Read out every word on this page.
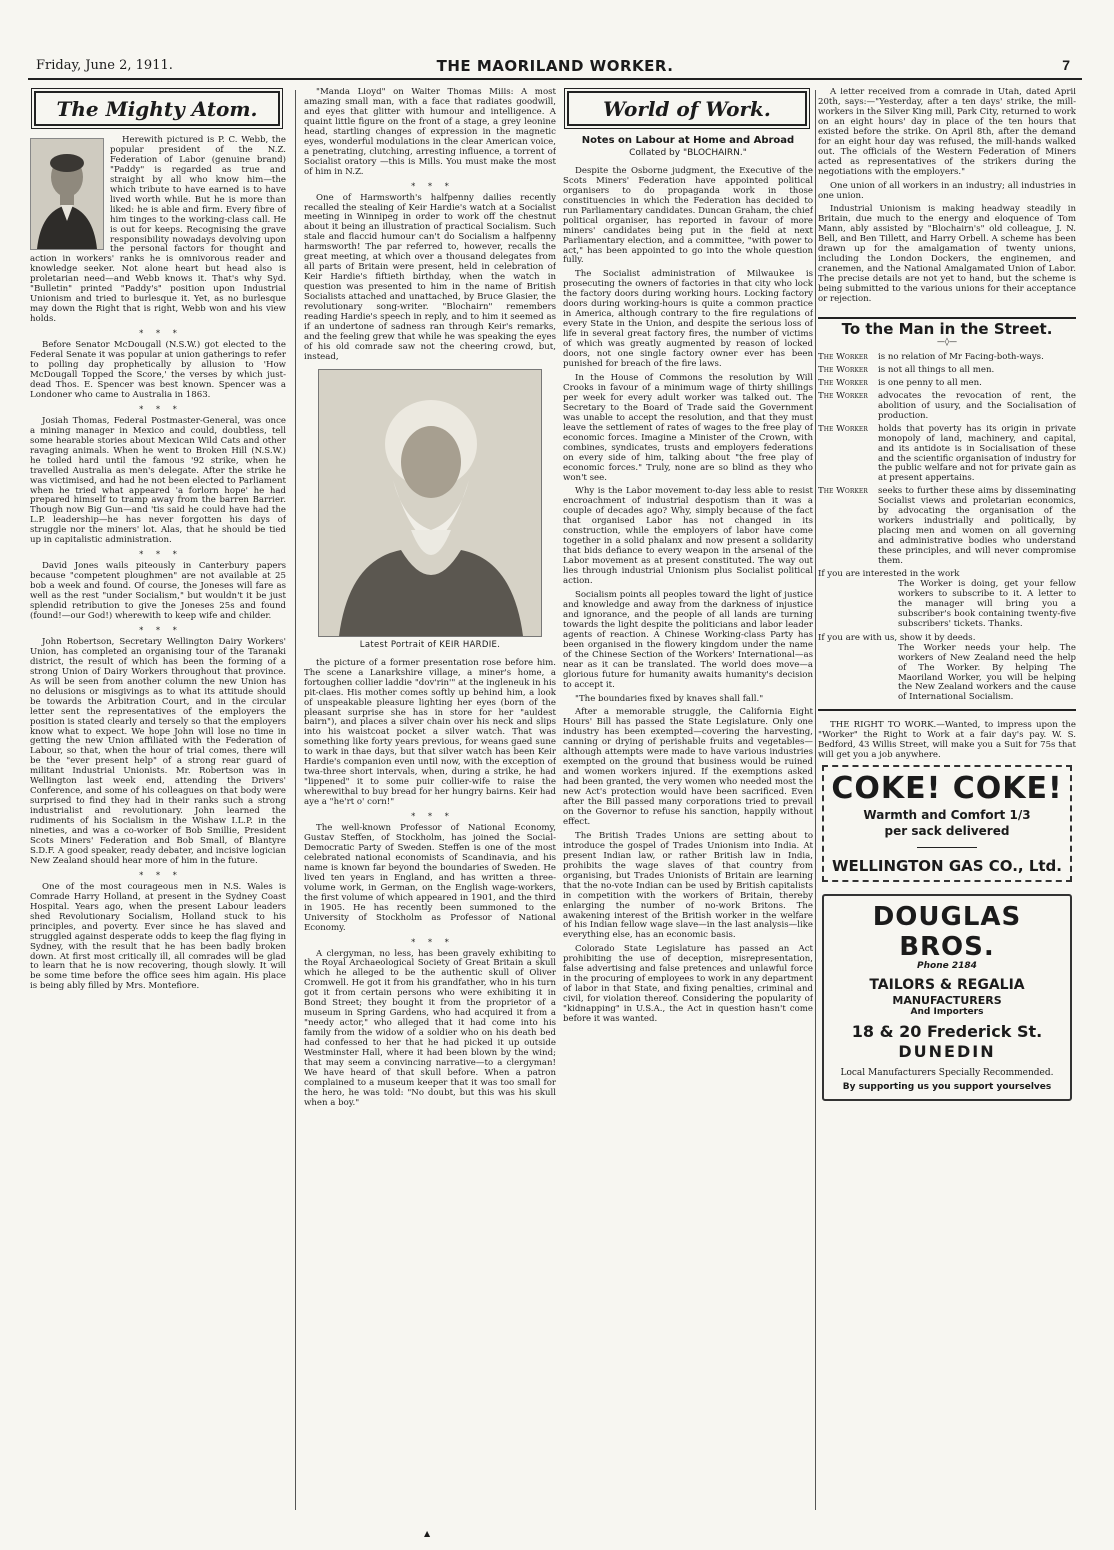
Friday, June 2, 1911.	THE MAORILAND WORKER.	7
The Mighty Atom.

Herewith pictured is P. C. Webb, the popular president of the N.Z. Federation of Labor (genuine brand) "Paddy" is regarded as true and straight by all who know him—the which tribute to have earned is to have lived worth while. But he is more than liked: he is able and firm. Every fibre of him tinges to the working-class call. He is out for keeps. Recognising the grave responsibility nowadays devolving upon the personal factors for thought and action in workers' ranks he is omnivorous reader and knowledge seeker. Not alone heart but head also is proletarian need—and Webb knows it. That's why Syd. "Bulletin" printed "Paddy's" position upon Industrial Unionism and tried to burlesque it. Yet, as no burlesque may down the Right that is right, Webb won and his view holds.

*     *     *

Before Senator McDougall (N.S.W.) got elected to the Federal Senate it was popular at union gatherings to refer to polling day prophetically by allusion to 'How McDougall Topped the Score,' the verses by which just-dead Thos. E. Spencer was best known. Spencer was a Londoner who came to Australia in 1863.

*     *     *

Josiah Thomas, Federal Postmaster-General, was once a mining manager in Mexico and could, doubtless, tell some hearable stories about Mexican Wild Cats and other ravaging animals. When he went to Broken Hill (N.S.W.) he toiled hard until the famous '92 strike, when he travelled Australia as men's delegate. After the strike he was victimised, and had he not been elected to Parliament when he tried what appeared 'a forlorn hope' he had prepared himself to tramp away from the barren Barrier. Though now Big Gun—and 'tis said he could have had the L.P. leadership—he has never forgotten his days of struggle nor the miners' lot. Alas, that he should be tied up in capitalistic administration.

*     *     *

David Jones wails piteously in Canterbury papers because "competent ploughmen" are not available at 25 bob a week and found. Of course, the Joneses will fare as well as the rest "under Socialism," but wouldn't it be just splendid retribution to give the Joneses 25s and found (found!—our God!) wherewith to keep wife and childer.

*     *     *

John Robertson, Secretary Wellington Dairy Workers' Union, has completed an organising tour of the Taranaki district, the result of which has been the forming of a strong Union of Dairy Workers throughout that province. As will be seen from another column the new Union has no delusions or misgivings as to what its attitude should be towards the Arbitration Court, and in the circular letter sent the representatives of the employers the position is stated clearly and tersely so that the employers know what to expect. We hope John will lose no time in getting the new Union affiliated with the Federation of Labour, so that, when the hour of trial comes, there will be the "ever present help" of a strong rear guard of militant Industrial Unionists. Mr. Robertson was in Wellington last week end, attending the Drivers' Conference, and some of his colleagues on that body were surprised to find they had in their ranks such a strong industrialist and revolutionary. John learned the rudiments of his Socialism in the Wishaw I.L.P. in the nineties, and was a co-worker of Bob Smillie, President Scots Miners' Federation and Bob Small, of Blantyre S.D.F. A good speaker, ready debater, and incisive logician New Zealand should hear more of him in the future.

*     *     *

One of the most courageous men in N.S. Wales is Comrade Harry Holland, at present in the Sydney Coast Hospital. Years ago, when the present Labour leaders shed Revolutionary Socialism, Holland stuck to his principles, and poverty. Ever since he has slaved and struggled against desperate odds to keep the flag flying in Sydney, with the result that he has been badly broken down. At first most critically ill, all comrades will be glad to learn that he is now recovering, though slowly. It will be some time before the office sees him again. His place is being ably filled by Mrs. Montefiore.

"Manda Lloyd" on Walter Thomas Mills: A most amazing small man, with a face that radiates goodwill, and eyes that glitter with humour and intelligence. A quaint little figure on the front of a stage, a grey leonine head, startling changes of expression in the magnetic eyes, wonderful modulations in the clear American voice, a penetrating, clutching, arresting influence, a torrent of Socialist oratory —this is Mills. You must make the most of him in N.Z.

*     *     *

One of Harmsworth's halfpenny dailies recently recalled the stealing of Keir Hardie's watch at a Socialist meeting in Winnipeg in order to work off the chestnut about it being an illustration of practical Socialism. Such stale and flaccid humour can't do Socialism a halfpenny harmsworth! The par referred to, however, recalls the great meeting, at which over a thousand delegates from all parts of Britain were present, held in celebration of Keir Hardie's fiftieth birthday, when the watch in question was presented to him in the name of British Socialists attached and unattached, by Bruce Glasier, the revolutionary song-writer. "Blochairn" remembers reading Hardie's speech in reply, and to him it seemed as if an undertone of sadness ran through Keir's remarks, and the feeling grew that while he was speaking the eyes of his old comrade saw not the cheering crowd, but, instead,

Latest Portrait of KEIR HARDIE.

the picture of a former presentation rose before him. The scene a Lanarkshire village, a miner's home, a fortoughen collier laddie "dov'rin'" at the ingleneuk in his pit-claes. His mother comes softly up behind him, a look of unspeakable pleasure lighting her eyes (born of the pleasant surprise she has in store for her "auldest bairn"), and places a silver chain over his neck and slips into his waistcoat pocket a silver watch. That was something like forty years previous, for weans gaed sune to wark in thae days, but that silver watch has been Keir Hardie's companion even until now, with the exception of twa-three short intervals, when, during a strike, he had "lippened" it to some puir collier-wife to raise the wherewithal to buy bread for her hungry bairns. Keir had aye a "he'rt o' corn!"

*     *     *

The well-known Professor of National Economy, Gustav Steffen, of Stockholm, has joined the Social-Democratic Party of Sweden. Steffen is one of the most celebrated national economists of Scandinavia, and his name is known far beyond the boundaries of Sweden. He lived ten years in England, and has written a three-volume work, in German, on the English wage-workers, the first volume of which appeared in 1901, and the third in 1905. He has recently been summoned to the University of Stockholm as Professor of National Economy.

*     *     *

A clergyman, no less, has been gravely exhibiting to the Royal Archaeological Society of Great Britain a skull which he alleged to be the authentic skull of Oliver Cromwell. He got it from his grandfather, who in his turn got it from certain persons who were exhibiting it in Bond Street; they bought it from the proprietor of a museum in Spring Gardens, who had acquired it from a "needy actor," who alleged that it had come into his family from the widow of a soldier who on his death bed had confessed to her that he had picked it up outside Westminster Hall, where it had been blown by the wind; that may seem a convincing narrative—to a clergyman! We have heard of that skull before. When a patron complained to a museum keeper that it was too small for the hero, he was told: "No doubt, but this was his skull when a boy."

World of Work.
Notes on Labour at Home and Abroad
Collated by "BLOCHAIRN."

Despite the Osborne judgment, the Executive of the Scots Miners' Federation have appointed political organisers to do propaganda work in those constituencies in which the Federation has decided to run Parliamentary candidates. Duncan Graham, the chief political organiser, has reported in favour of more miners' candidates being put in the field at next Parliamentary election, and a committee, "with power to act," has been appointed to go into the whole question fully.

The Socialist administration of Milwaukee is prosecuting the owners of factories in that city who lock the factory doors during working hours. Locking factory doors during working-hours is quite a common practice in America, although contrary to the fire regulations of every State in the Union, and despite the serious loss of life in several great factory fires, the number of victims of which was greatly augmented by reason of locked doors, not one single factory owner ever has been punished for breach of the fire laws.

In the House of Commons the resolution by Will Crooks in favour of a minimum wage of thirty shillings per week for every adult worker was talked out. The Secretary to the Board of Trade said the Government was unable to accept the resolution, and that they must leave the settlement of rates of wages to the free play of economic forces. Imagine a Minister of the Crown, with combines, syndicates, trusts and employers federations on every side of him, talking about "the free play of economic forces." Truly, none are so blind as they who won't see.

Why is the Labor movement to-day less able to resist encroachment of industrial despotism than it was a couple of decades ago? Why, simply because of the fact that organised Labor has not changed in its construction, while the employers of labor have come together in a solid phalanx and now present a solidarity that bids defiance to every weapon in the arsenal of the Labor movement as at present constituted. The way out lies through industrial Unionism plus Socialist political action.

Socialism points all peoples toward the light of justice and knowledge and away from the darkness of injustice and ignorance, and the people of all lands are turning towards the light despite the politicians and labor leader agents of reaction. A Chinese Working-class Party has been organised in the flowery kingdom under the name of the Chinese Section of the Workers' International—as near as it can be translated. The world does move—a glorious future for humanity awaits humanity's decision to accept it.

"The boundaries fixed by knaves shall fall."

After a memorable struggle, the California Eight Hours' Bill has passed the State Legislature. Only one industry has been exempted—covering the harvesting, canning or drying of perishable fruits and vegetables—although attempts were made to have various industries exempted on the ground that business would be ruined and women workers injured. If the exemptions asked had been granted, the very women who needed most the new Act's protection would have been sacrificed. Even after the Bill passed many corporations tried to prevail on the Governor to refuse his sanction, happily without effect.

The British Trades Unions are setting about to introduce the gospel of Trades Unionism into India. At present Indian law, or rather British law in India, prohibits the wage slaves of that country from organising, but Trades Unionists of Britain are learning that the no-vote Indian can be used by British capitalists in competition with the workers of Britain, thereby enlarging the number of no-work Britons. The awakening interest of the British worker in the welfare of his Indian fellow wage slave—in the last analysis—like everything else, has an economic basis.

Colorado State Legislature has passed an Act prohibiting the use of deception, misrepresentation, false advertising and false pretences and unlawful force in the procuring of employees to work in any department of labor in that State, and fixing penalties, criminal and civil, for violation thereof. Considering the popularity of "kidnapping" in U.S.A., the Act in question hasn't come before it was wanted.

A letter received from a comrade in Utah, dated April 20th, says:—"Yesterday, after a ten days' strike, the mill-workers in the Silver King mill, Park City, returned to work on an eight hours' day in place of the ten hours that existed before the strike. On April 8th, after the demand for an eight hour day was refused, the mill-hands walked out. The officials of the Western Federation of Miners acted as representatives of the strikers during the negotiations with the employers."

One union of all workers in an industry; all industries in one union.

Industrial Unionism is making headway steadily in Britain, due much to the energy and eloquence of Tom Mann, ably assisted by "Blochairn's" old colleague, J. N. Bell, and Ben Tillett, and Harry Orbell. A scheme has been drawn up for the amalgamation of twenty unions, including the London Dockers, the enginemen, and cranemen, and the National Amalgamated Union of Labor. The precise details are not yet to hand, but the scheme is being submitted to the various unions for their acceptance or rejection.

To the Man in the Street.
—◊—
The Worker	is no relation of Mr Facing-both-ways.
The Worker	is not all things to all men.
The Worker	is one penny to all men.
The Worker	advocates the revocation of rent, the abolition of usury, and the Socialisation of production.
The Worker	holds that poverty has its origin in private monopoly of land, machinery, and capital, and its antidote is in Socialisation of these and the scientific organisation of industry for the public welfare and not for private gain as at present appertains.
The Worker	seeks to further these aims by disseminating Socialist views and proletarian economics, by advocating the organisation of the workers industrially and politically, by placing men and women on all governing and administrative bodies who understand these principles, and will never compromise them.
If you are interested in the work
The Worker is doing, get your fellow workers to subscribe to it. A letter to the manager will bring you a subscriber's book containing twenty-five subscribers' tickets. Thanks.
If you are with us, show it by deeds.
The Worker needs your help. The workers of New Zealand need the help of The Worker. By helping The Maoriland Worker, you will be helping the New Zealand workers and the cause of International Socialism.

THE RIGHT TO WORK.—Wanted, to impress upon the "Worker" the Right to Work at a fair day's pay. W. S. Bedford, 43 Willis Street, will make you a Suit for 75s that will get you a job anywhere.

COKE! COKE!
Warmth and Comfort 1/3
per sack delivered
WELLINGTON GAS CO., Ltd.
DOUGLAS BROS.
Phone 2184
TAILORS & REGALIA
MANUFACTURERS
And Importers
18 & 20 Frederick St.
DUNEDIN
Local Manufacturers Specially Recommended.
By supporting us you support yourselves
▲
